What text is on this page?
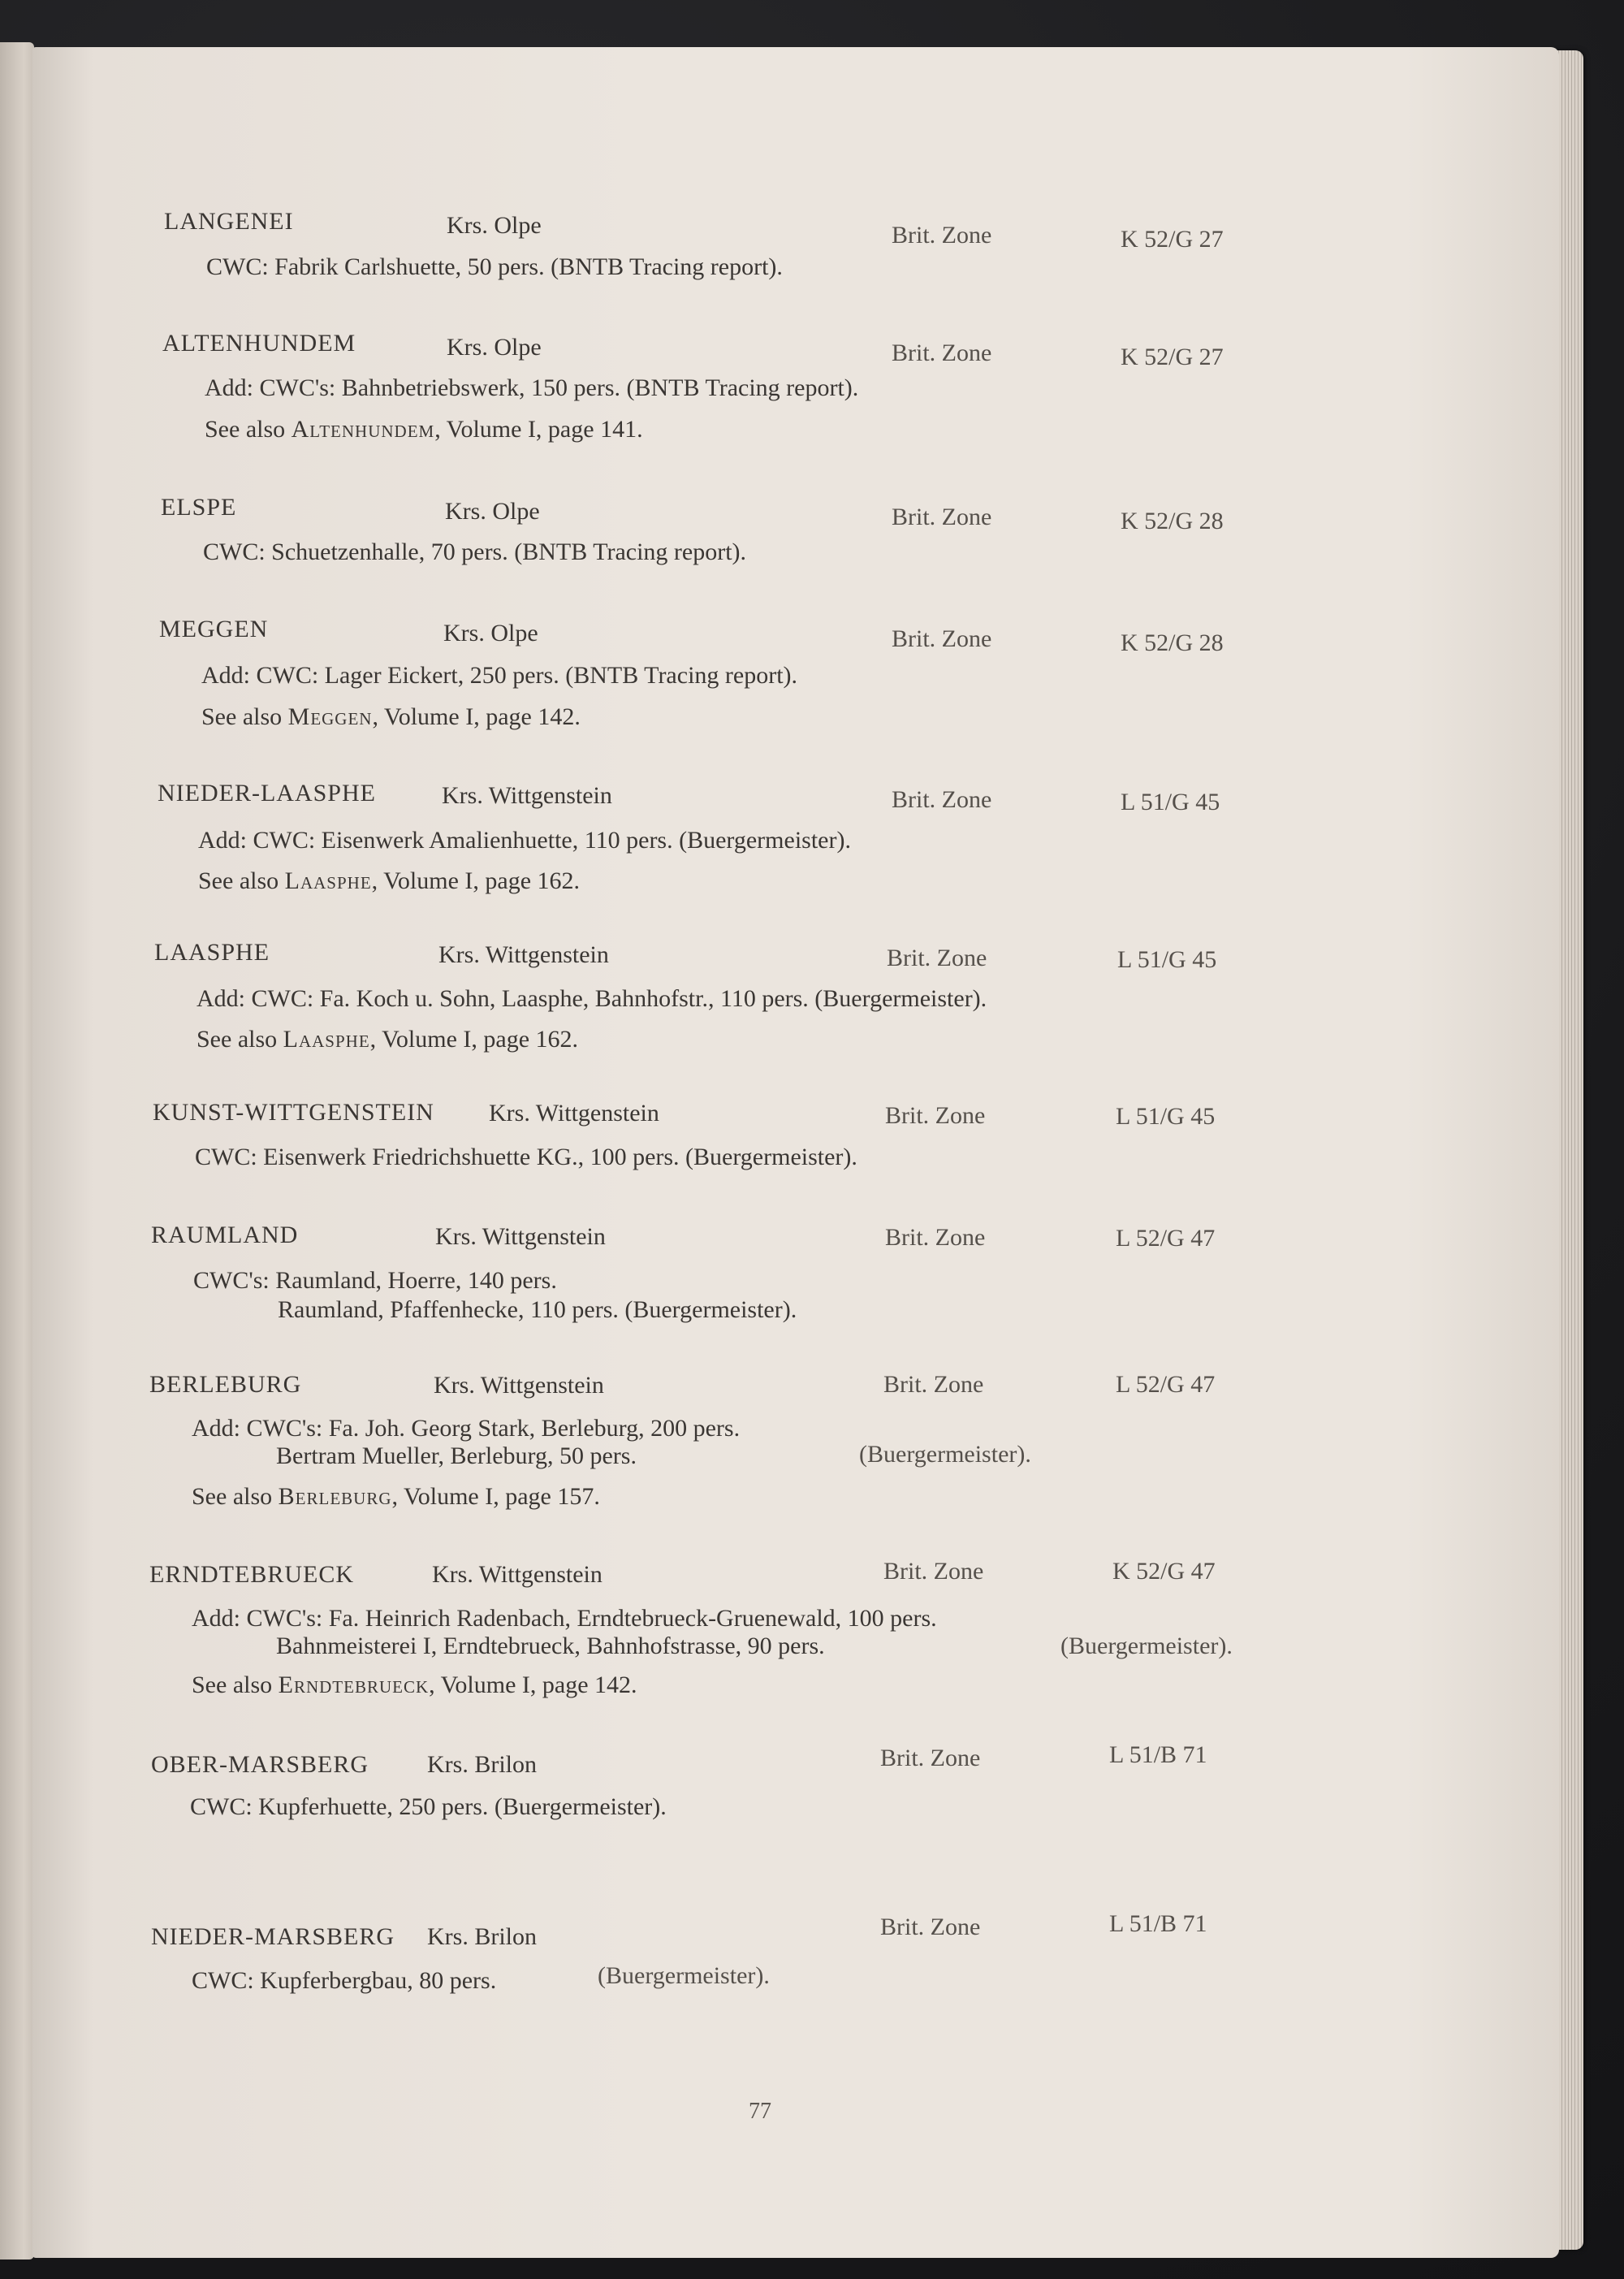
LANGENEI	Krs. Olpe	Brit. Zone	K 52/G 27
CWC: Fabrik Carlshuette, 50 pers. (BNTB Tracing report).
ALTENHUNDEM	Krs. Olpe	Brit. Zone	K 52/G 27
Add: CWC's: Bahnbetriebswerk, 150 pers. (BNTB Tracing report).
See also Altenhundem, Volume I, page 141.
ELSPE	Krs. Olpe	Brit. Zone	K 52/G 28
CWC: Schuetzenhalle, 70 pers. (BNTB Tracing report).
MEGGEN	Krs. Olpe	Brit. Zone	K 52/G 28
Add: CWC: Lager Eickert, 250 pers. (BNTB Tracing report).
See also Meggen, Volume I, page 142.
NIEDER-LAASPHE	Krs. Wittgenstein	Brit. Zone	L 51/G 45
Add: CWC: Eisenwerk Amalienhuette, 110 pers. (Buergermeister).
See also Laasphe, Volume I, page 162.
LAASPHE	Krs. Wittgenstein	Brit. Zone	L 51/G 45
Add: CWC: Fa. Koch u. Sohn, Laasphe, Bahnhofstr., 110 pers. (Buergermeister).
See also Laasphe, Volume I, page 162.
KUNST-WITTGENSTEIN Krs. Wittgenstein	Brit. Zone	L 51/G 45
CWC: Eisenwerk Friedrichshuette KG., 100 pers. (Buergermeister).
RAUMLAND	Krs. Wittgenstein	Brit. Zone	L 52/G 47
CWC's: Raumland, Hoerre, 140 pers.
Raumland, Pfaffenhecke, 110 pers. (Buergermeister).
BERLEBURG	Krs. Wittgenstein	Brit. Zone	L 52/G 47
Add: CWC's: Fa. Joh. Georg Stark, Berleburg, 200 pers.
Bertram Mueller, Berleburg, 50 pers.	(Buergermeister).
See also Berleburg, Volume I, page 157.
ERNDTEBRUECK	Krs. Wittgenstein	Brit. Zone	K 52/G 47
Add: CWC's: Fa. Heinrich Radenbach, Erndtebrueck-Gruenewald, 100 pers.
Bahnmeisterei I, Erndtebrueck, Bahnhofstrasse, 90 pers.	(Buergermeister).
See also Erndtebrueck, Volume I, page 142.
OBER-MARSBERG Krs. Brilon	Brit. Zone	L 51/B 71
CWC: Kupferhuette, 250 pers. (Buergermeister).
NIEDER-MARSBERG Krs. Brilon	Brit. Zone	L 51/B 71
CWC: Kupferbergbau, 80 pers.	(Buergermeister).
77
